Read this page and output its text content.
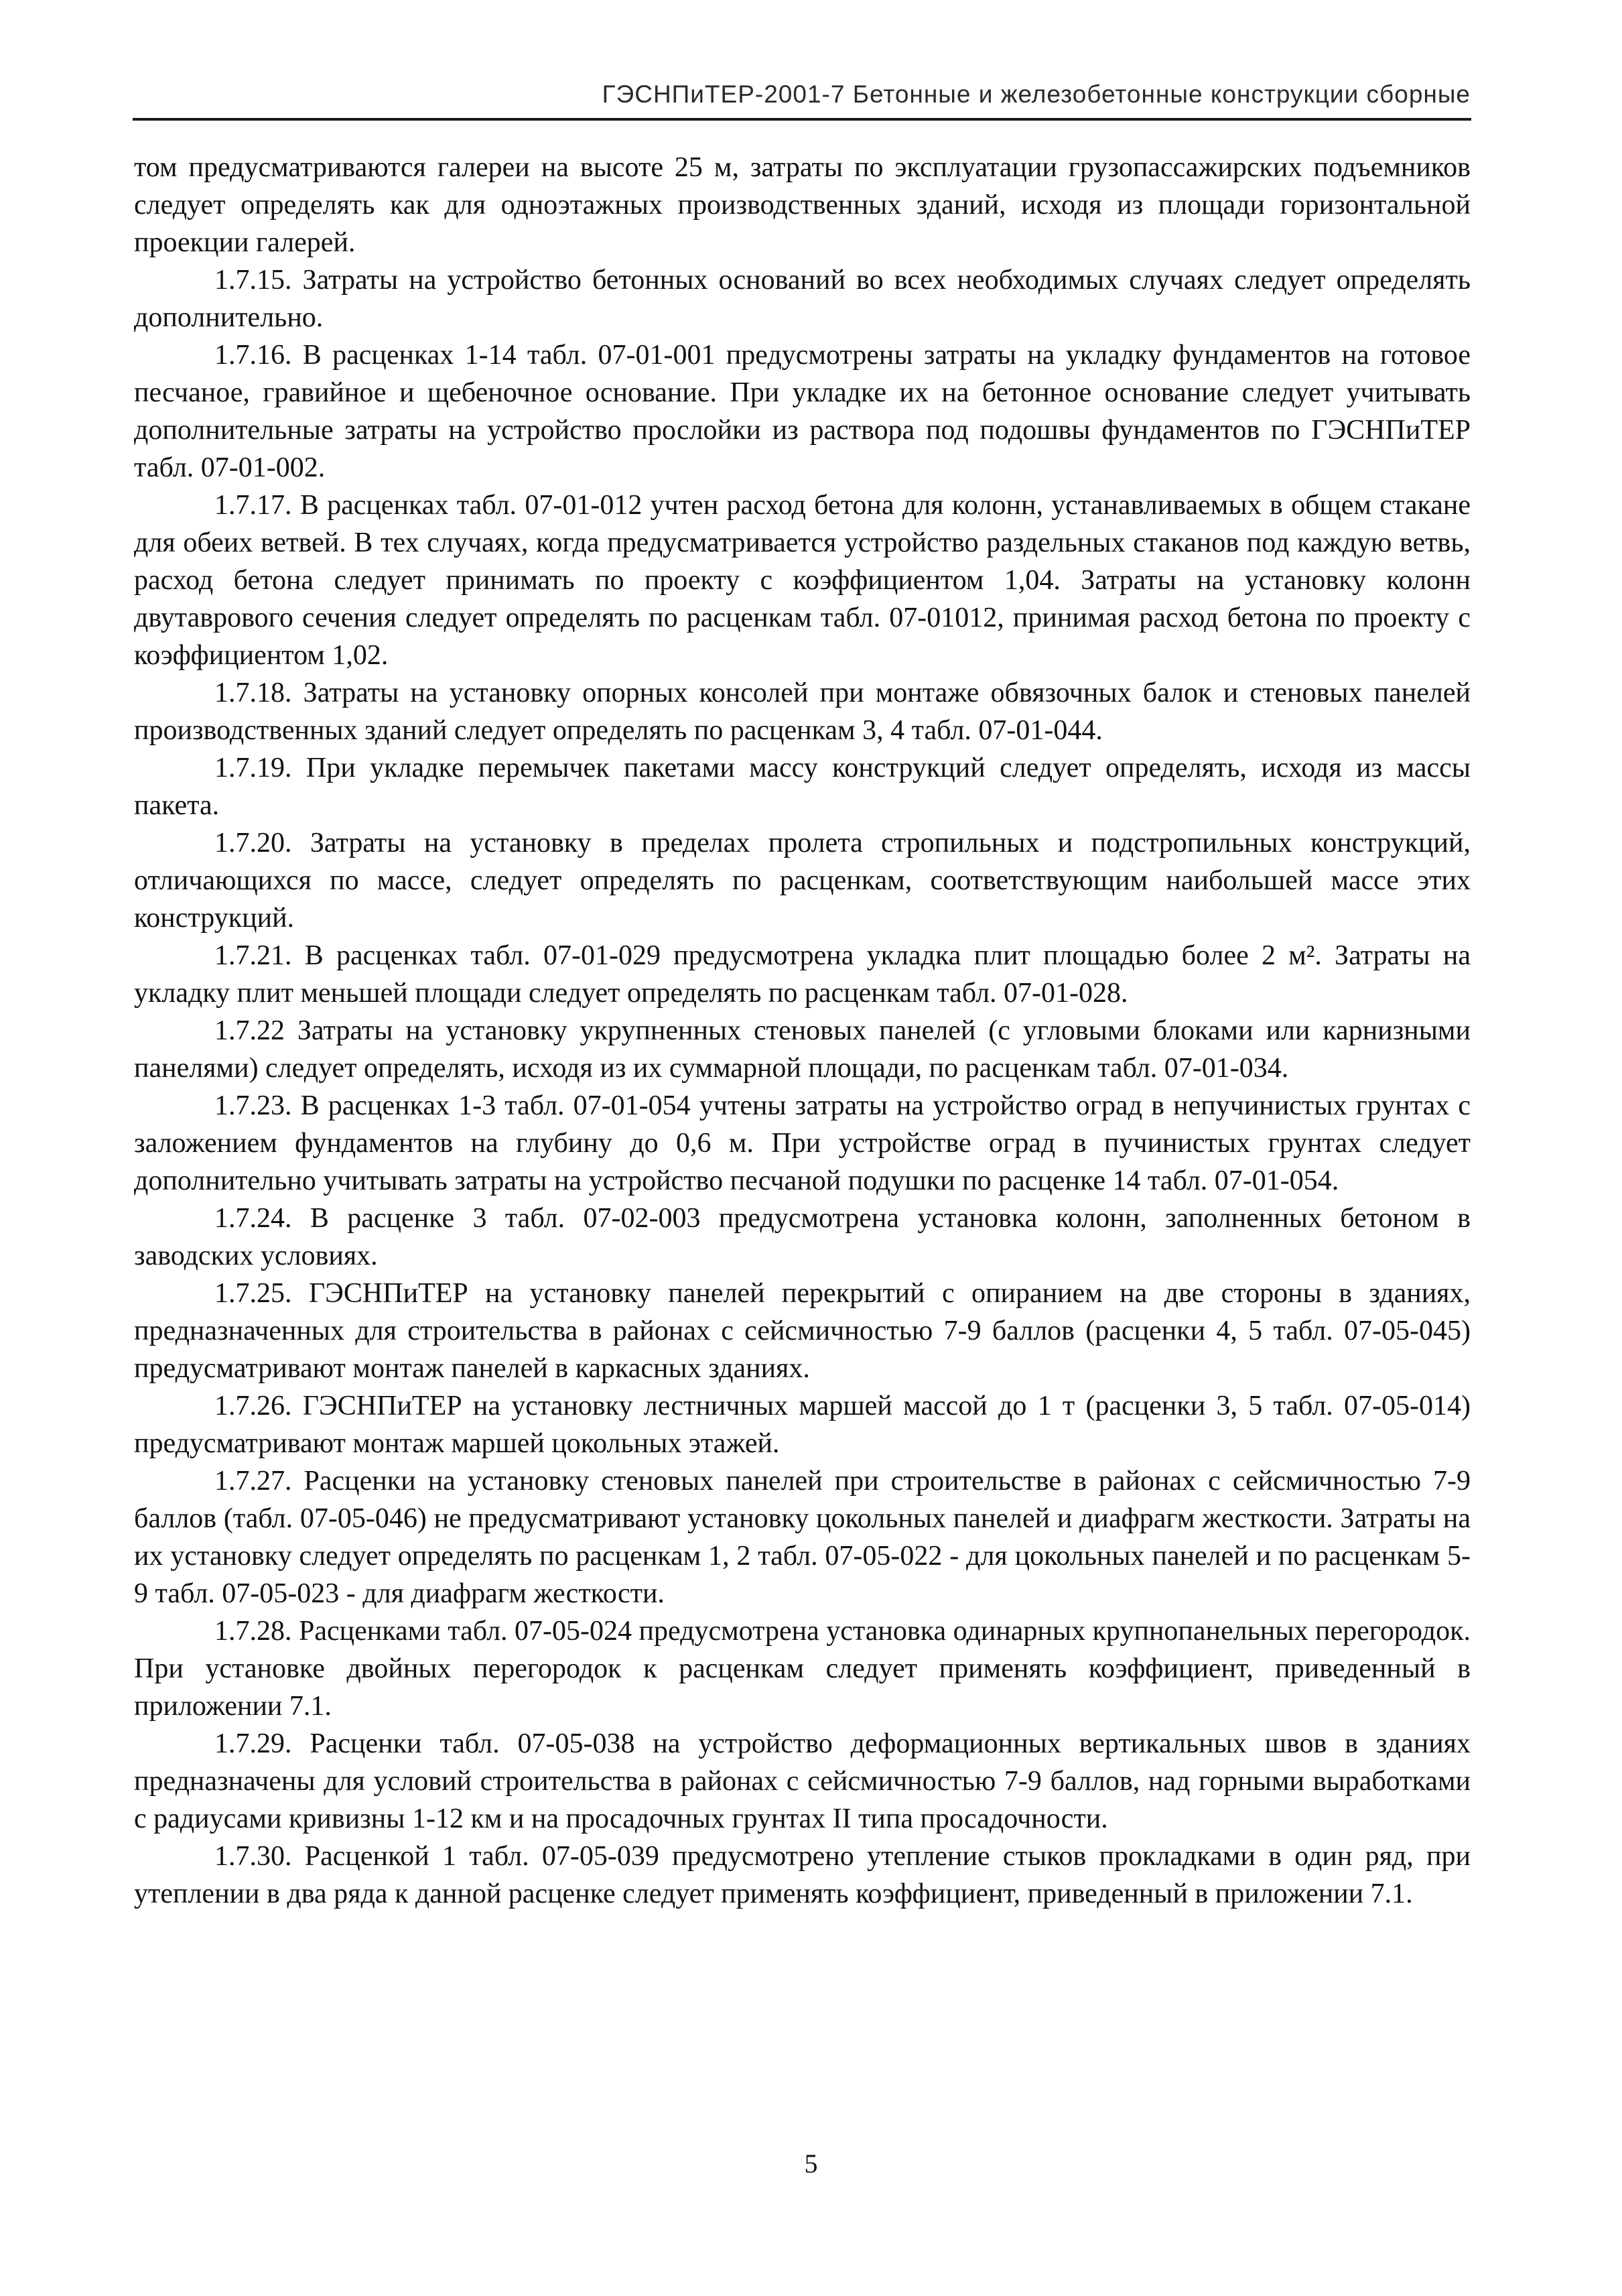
ГЭСНПиТЕР-2001-7 Бетонные и железобетонные конструкции сборные

том предусматриваются галереи на высоте 25 м, затраты по эксплуатации грузопассажирских подъемников следует определять как для одноэтажных производственных зданий, исходя из площади горизонтальной проекции галерей.

1.7.15. Затраты на устройство бетонных оснований во всех необходимых случаях следует определять дополнительно.

1.7.16. В расценках 1-14 табл. 07-01-001 предусмотрены затраты на укладку фундаментов на готовое песчаное, гравийное и щебеночное основание. При укладке их на бетонное основание следует учитывать дополнительные затраты на устройство прослойки из раствора под подошвы фундаментов по ГЭСНПиТЕР табл. 07-01-002.

1.7.17. В расценках табл. 07-01-012 учтен расход бетона для колонн, устанавливаемых в общем стакане для обеих ветвей. В тех случаях, когда предусматривается устройство раздельных стаканов под каждую ветвь, расход бетона следует принимать по проекту с коэффициентом 1,04. Затраты на установку колонн двутаврового сечения следует определять по расценкам табл. 07-01012, принимая расход бетона по проекту с коэффициентом 1,02.

1.7.18. Затраты на установку опорных консолей при монтаже обвязочных балок и стеновых панелей производственных зданий следует определять по расценкам 3, 4 табл. 07-01-044.

1.7.19. При укладке перемычек пакетами массу конструкций следует определять, исходя из массы пакета.

1.7.20. Затраты на установку в пределах пролета стропильных и подстропильных конструкций, отличающихся по массе, следует определять по расценкам, соответствующим наибольшей массе этих конструкций.

1.7.21. В расценках табл. 07-01-029 предусмотрена укладка плит площадью более 2 м². Затраты на укладку плит меньшей площади следует определять по расценкам табл. 07-01-028.

1.7.22 Затраты на установку укрупненных стеновых панелей (с угловыми блоками или карнизными панелями) следует определять, исходя из их суммарной площади, по расценкам табл. 07-01-034.

1.7.23. В расценках 1-3 табл. 07-01-054 учтены затраты на устройство оград в непучинистых грунтах с заложением фундаментов на глубину до 0,6 м. При устройстве оград в пучинистых грунтах следует дополнительно учитывать затраты на устройство песчаной подушки по расценке 14 табл. 07-01-054.

1.7.24. В расценке 3 табл. 07-02-003 предусмотрена установка колонн, заполненных бетоном в заводских условиях.

1.7.25. ГЭСНПиТЕР на установку панелей перекрытий с опиранием на две стороны в зданиях, предназначенных для строительства в районах с сейсмичностью 7-9 баллов (расценки 4, 5 табл. 07-05-045) предусматривают монтаж панелей в каркасных зданиях.

1.7.26. ГЭСНПиТЕР на установку лестничных маршей массой до 1 т (расценки 3, 5 табл. 07-05-014) предусматривают монтаж маршей цокольных этажей.

1.7.27. Расценки на установку стеновых панелей при строительстве в районах с сейсмичностью 7-9 баллов (табл. 07-05-046) не предусматривают установку цокольных панелей и диафрагм жесткости. Затраты на их установку следует определять по расценкам 1, 2 табл. 07-05-022 - для цокольных панелей и по расценкам 5-9 табл. 07-05-023 - для диафрагм жесткости.

1.7.28. Расценками табл. 07-05-024 предусмотрена установка одинарных крупнопанельных перегородок. При установке двойных перегородок к расценкам следует применять коэффициент, приведенный в приложении 7.1.

1.7.29. Расценки табл. 07-05-038 на устройство деформационных вертикальных швов в зданиях предназначены для условий строительства в районах с сейсмичностью 7-9 баллов, над горными выработками с радиусами кривизны 1-12 км и на просадочных грунтах II типа просадочности.

1.7.30. Расценкой 1 табл. 07-05-039 предусмотрено утепление стыков прокладками в один ряд, при утеплении в два ряда к данной расценке следует применять коэффициент, приведенный в приложении 7.1.

5
